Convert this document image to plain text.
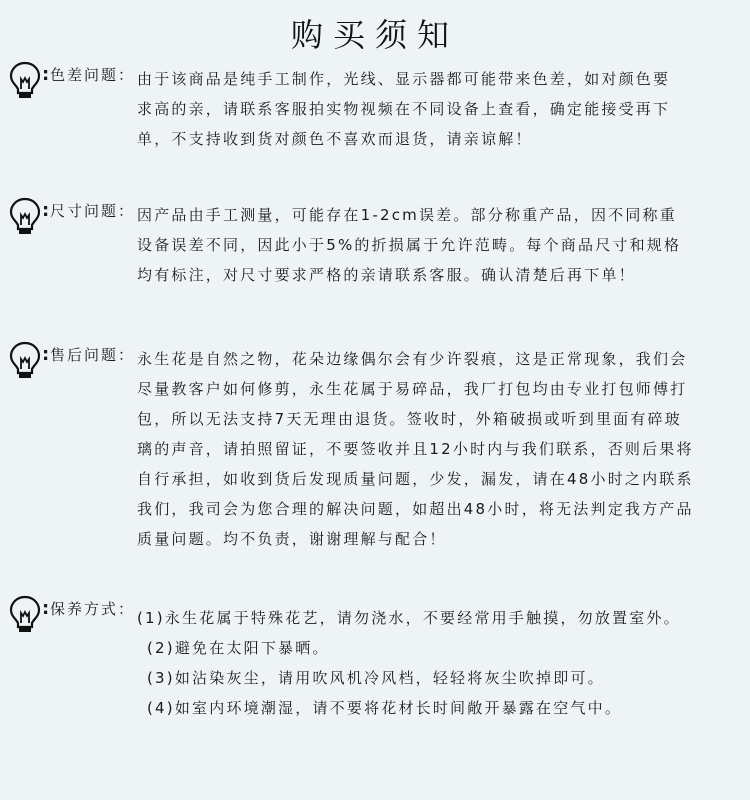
购买须知
: 色差问题： 由于该商品是纯手工制作，光线、显示器都可能带来色差，如对颜色要
求高的亲，请联系客服拍实物视频在不同设备上查看，确定能接受再下
单，不支持收到货对颜色不喜欢而退货，请亲谅解！
: 尺寸问题： 因产品由手工测量，可能存在1-2cm误差。部分称重产品，因不同称重
设备误差不同，因此小于5%的折损属于允许范畴。每个商品尺寸和规格
均有标注，对尺寸要求严格的亲请联系客服。确认清楚后再下单！
: 售后问题： 永生花是自然之物，花朵边缘偶尔会有少许裂痕，这是正常现象，我们会
尽量教客户如何修剪，永生花属于易碎品，我厂打包均由专业打包师傅打
包，所以无法支持7天无理由退货。签收时，外箱破损或听到里面有碎玻
璃的声音，请拍照留证，不要签收并且12小时内与我们联系，否则后果将
自行承担，如收到货后发现质量问题，少发，漏发，请在48小时之内联系
我们，我司会为您合理的解决问题，如超出48小时，将无法判定我方产品
质量问题。均不负责，谢谢理解与配合！
: 保养方式： (1)永生花属于特殊花艺，请勿浇水，不要经常用手触摸，勿放置室外。
(2)避免在太阳下暴晒。
(3)如沾染灰尘，请用吹风机冷风档，轻轻将灰尘吹掉即可。
(4)如室内环境潮湿，请不要将花材长时间敞开暴露在空气中。
